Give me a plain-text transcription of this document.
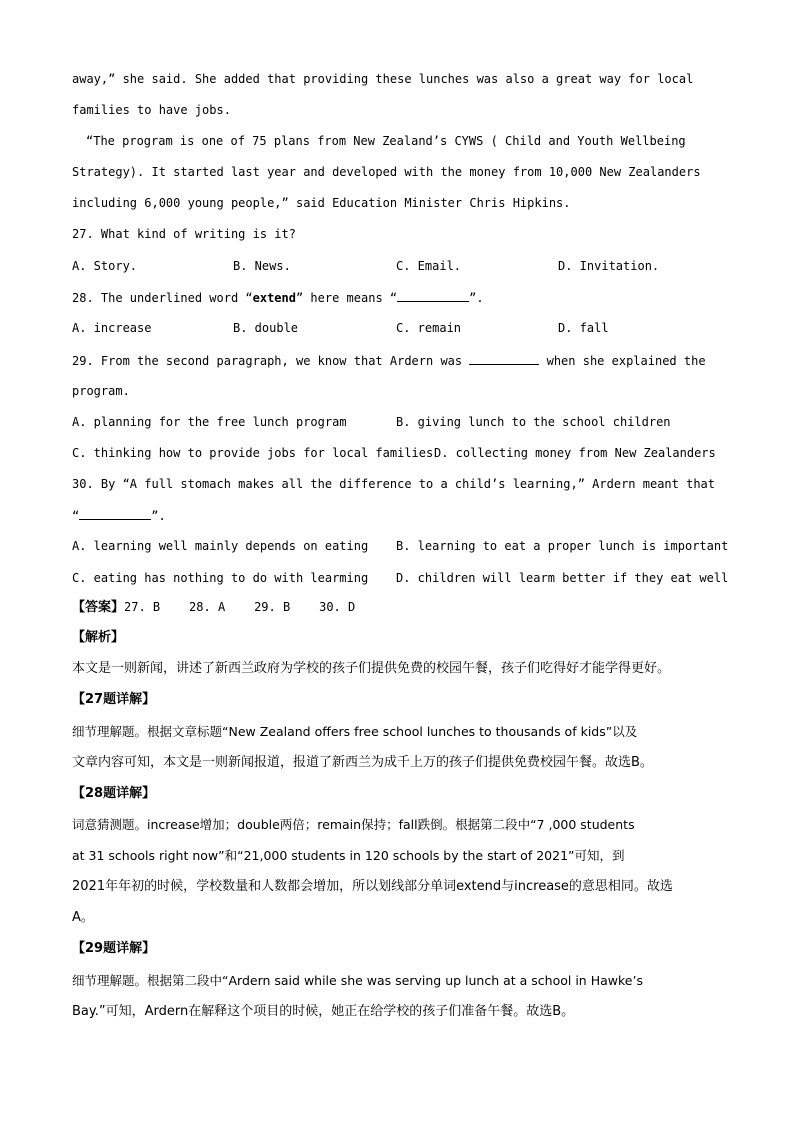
away,” she said. She added that providing these lunches was also a great way for local
families to have jobs.
“The program is one of 75 plans from New Zealand’s CYWS ( Child and Youth Wellbeing
Strategy). It started last year and developed with the money from 10,000 New Zealanders
including 6,000 young people,” said Education Minister Chris Hipkins.
27. What kind of writing is it?
A. Story.	B. News.	C. Email.	D. Invitation.
28. The underlined word “extend” here means “	”.
A. increase	B. double	C. remain	D. fall
29. From the second paragraph, we know that Ardern was	when she explained the
program.
A. planning for the free lunch program	B. giving lunch to the school children
C. thinking how to provide jobs for local families D. collecting money from New Zealanders
30. By “A full stomach makes all the difference to a child’s learning,” Ardern meant that
“	”.
A. learning well mainly depends on eating B. learning to eat a proper lunch is important
C. eating has nothing to do with learming D. children will learm better if they eat well
【答案】27. B 28. A 29. B 30. D
【解析】
本文是一则新闻，讲述了新西兰政府为学校的孩子们提供免费的校园午餐，孩子们吃得好才能学得更好。
【27题详解】
细节理解题。根据文章标题“New Zealand offers free school lunches to thousands of kids”以及
文章内容可知，本文是一则新闻报道，报道了新西兰为成千上万的孩子们提供免费校园午餐。故选B。
【28题详解】
词意猜测题。increase增加；double两倍；remain保持；fall跌倒。根据第二段中“7 ,000 students
at 31 schools right now”和“21,000 students in 120 schools by the start of 2021”可知，到
2021年年初的时候，学校数量和人数都会增加，所以划线部分单词extend与increase的意思相同。故选
A。
【29题详解】
细节理解题。根据第二段中“Ardern said while she was serving up lunch at a school in Hawke’s
Bay.”可知，Ardern在解释这个项目的时候，她正在给学校的孩子们准备午餐。故选B。
